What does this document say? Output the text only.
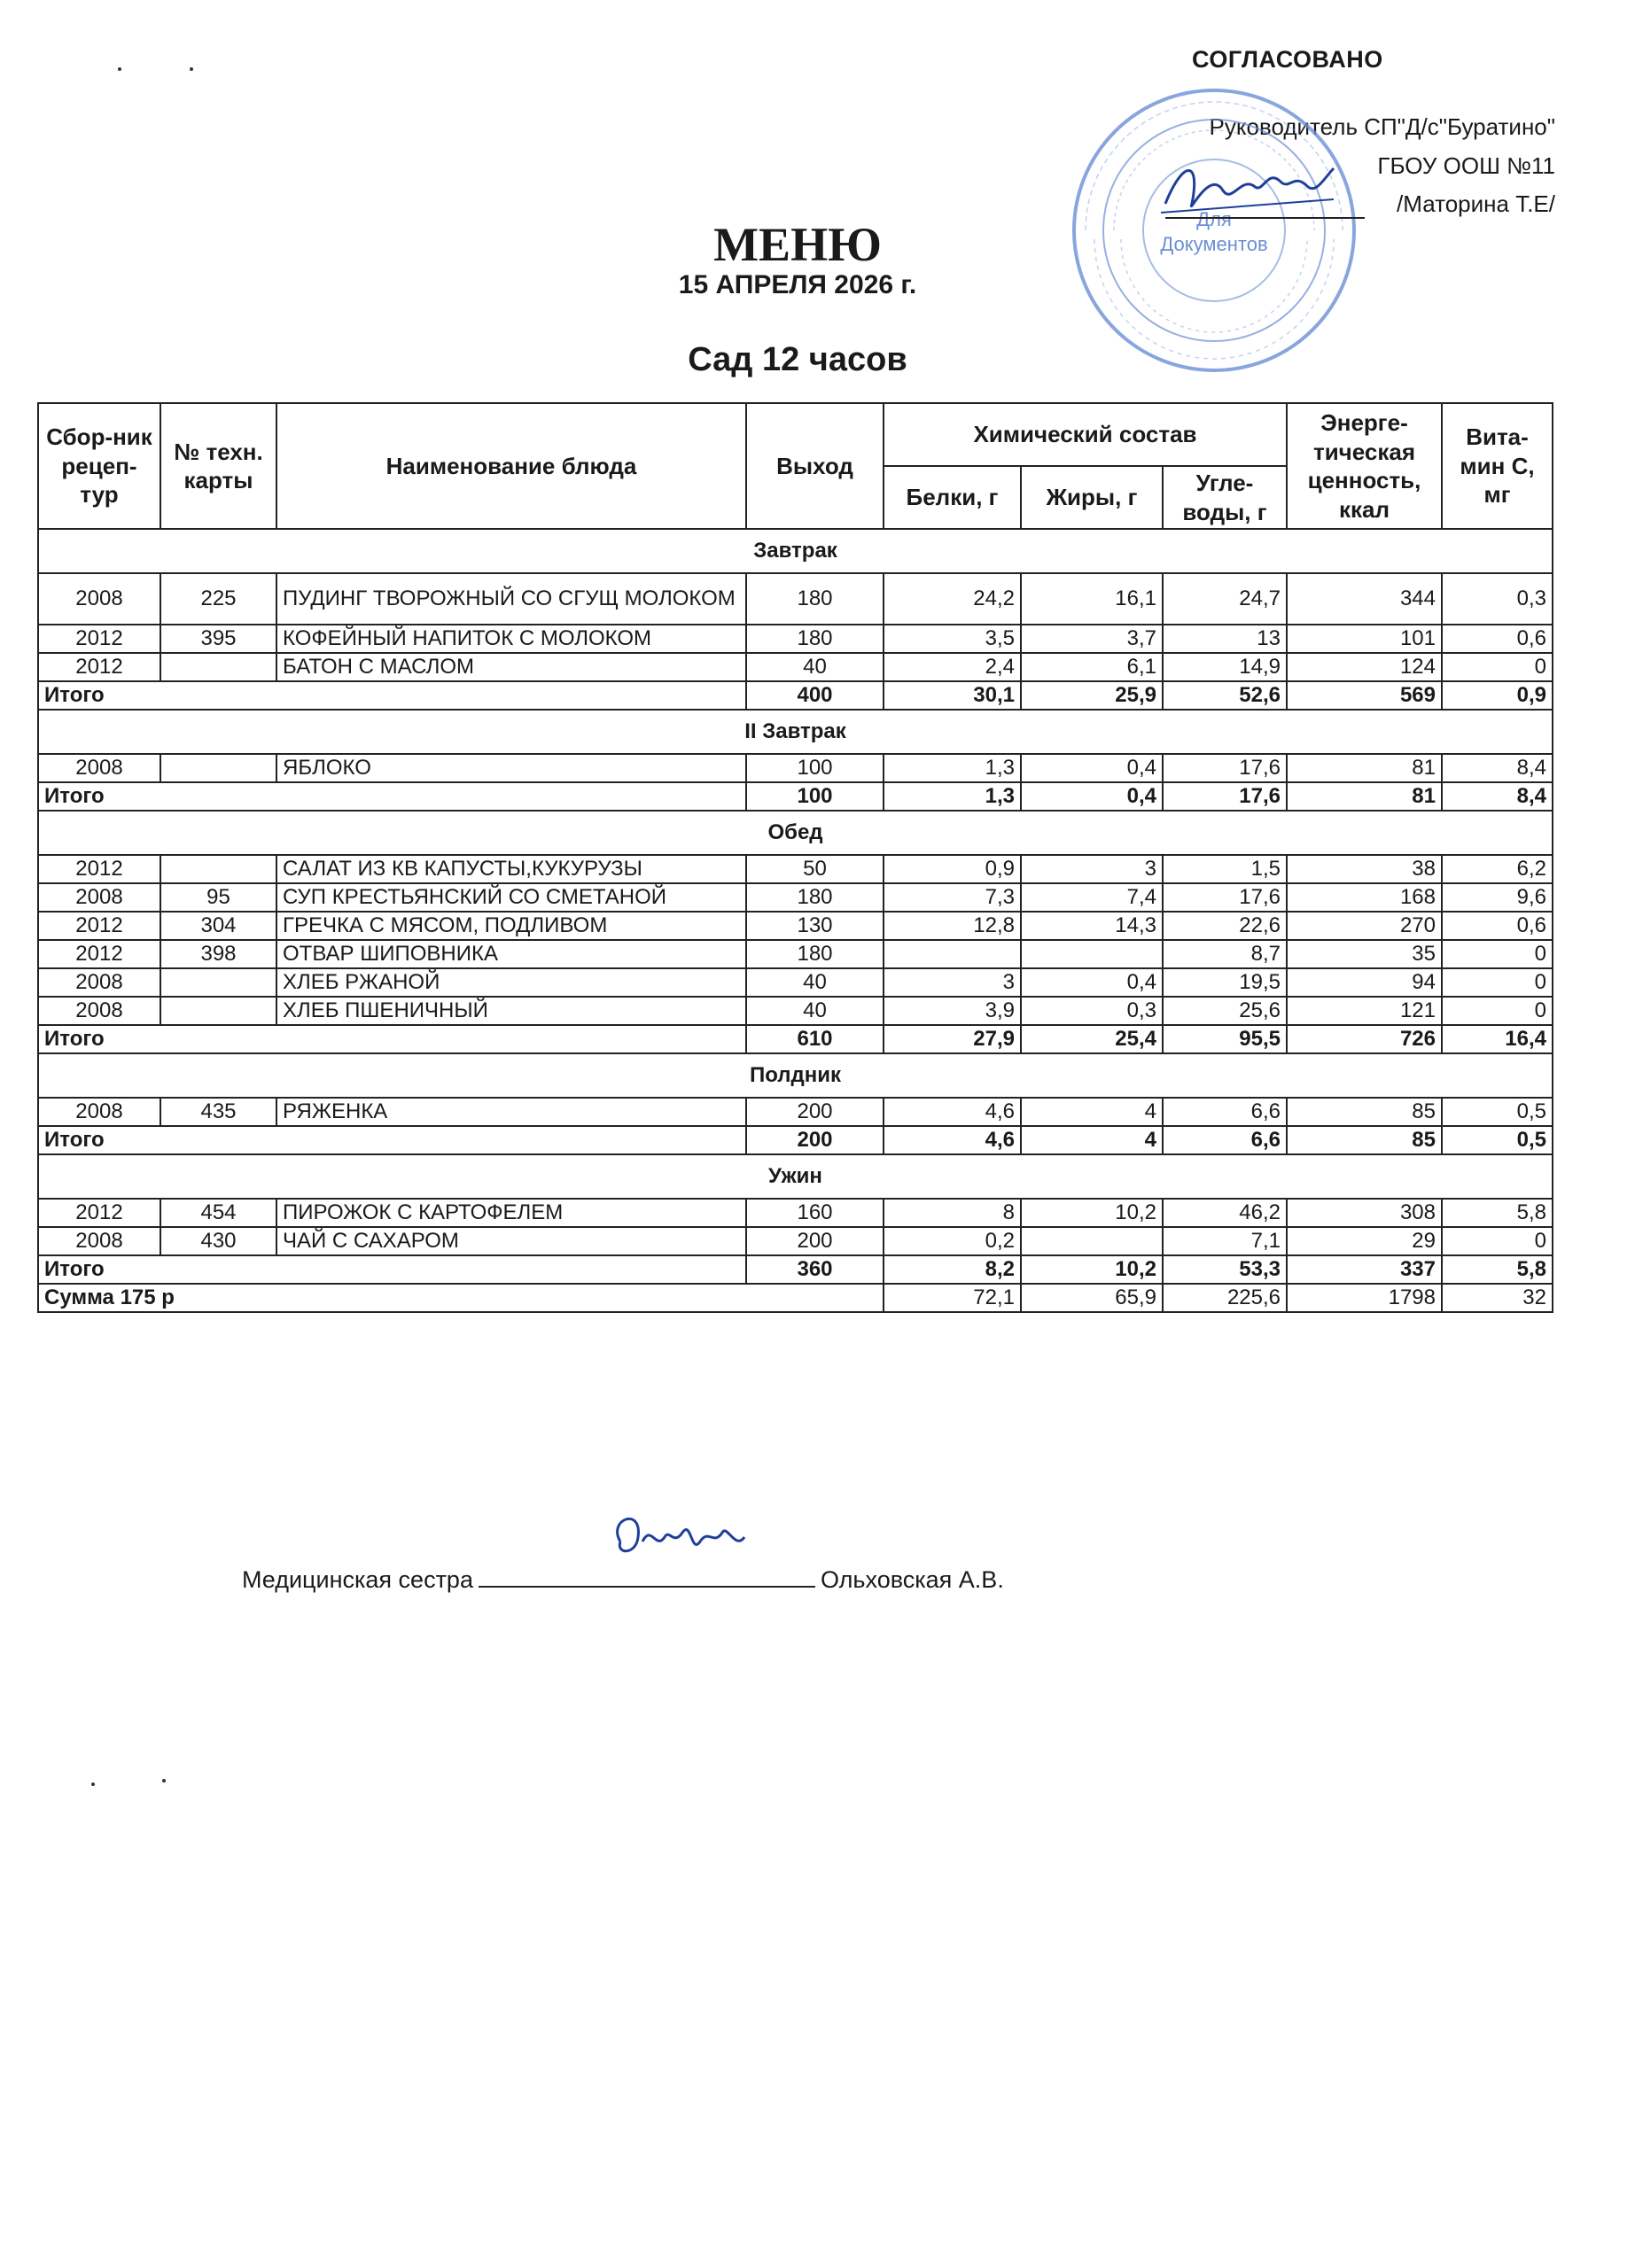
СОГЛАСОВАНО
Руководитель СП"Д/с"Буратино"
ГБОУ ООШ №11
/Маторина Т.Е/
Для
Документов
МЕНЮ
15 АПРЕЛЯ 2026 г.
Сад 12 часов
Сбор-ник рецеп-тур	№ техн. карты	Наименование блюда	Выход	Химический состав			Энерге-тическая ценность, ккал	Вита-мин С, мг
				Белки, г	Жиры, г	Угле-воды, г		
Завтрак								
2008	225	ПУДИНГ ТВОРОЖНЫЙ СО СГУЩ МОЛОКОМ	180	24,2	16,1	24,7	344	0,3
2012	395	КОФЕЙНЫЙ НАПИТОК С МОЛОКОМ	180	3,5	3,7	13	101	0,6
2012		БАТОН С МАСЛОМ	40	2,4	6,1	14,9	124	0
Итого			400	30,1	25,9	52,6	569	0,9
II Завтрак								
2008		ЯБЛОКО	100	1,3	0,4	17,6	81	8,4
Итого			100	1,3	0,4	17,6	81	8,4
Обед								
2012		САЛАТ ИЗ КВ КАПУСТЫ,КУКУРУЗЫ	50	0,9	3	1,5	38	6,2
2008	95	СУП КРЕСТЬЯНСКИЙ СО СМЕТАНОЙ	180	7,3	7,4	17,6	168	9,6
2012	304	ГРЕЧКА С МЯСОМ, ПОДЛИВОМ	130	12,8	14,3	22,6	270	0,6
2012	398	ОТВАР ШИПОВНИКА	180			8,7	35	0
2008		ХЛЕБ РЖАНОЙ	40	3	0,4	19,5	94	0
2008		ХЛЕБ ПШЕНИЧНЫЙ	40	3,9	0,3	25,6	121	0
Итого			610	27,9	25,4	95,5	726	16,4
Полдник								
2008	435	РЯЖЕНКА	200	4,6	4	6,6	85	0,5
Итого			200	4,6	4	6,6	85	0,5
Ужин								
2012	454	ПИРОЖОК С КАРТОФЕЛЕМ	160	8	10,2	46,2	308	5,8
2008	430	ЧАЙ С САХАРОМ	200	0,2		7,1	29	0
Итого			360	8,2	10,2	53,3	337	5,8
Сумма 175 р				72,1	65,9	225,6	1798	32
Медицинская сестра	Ольховская А.В.
